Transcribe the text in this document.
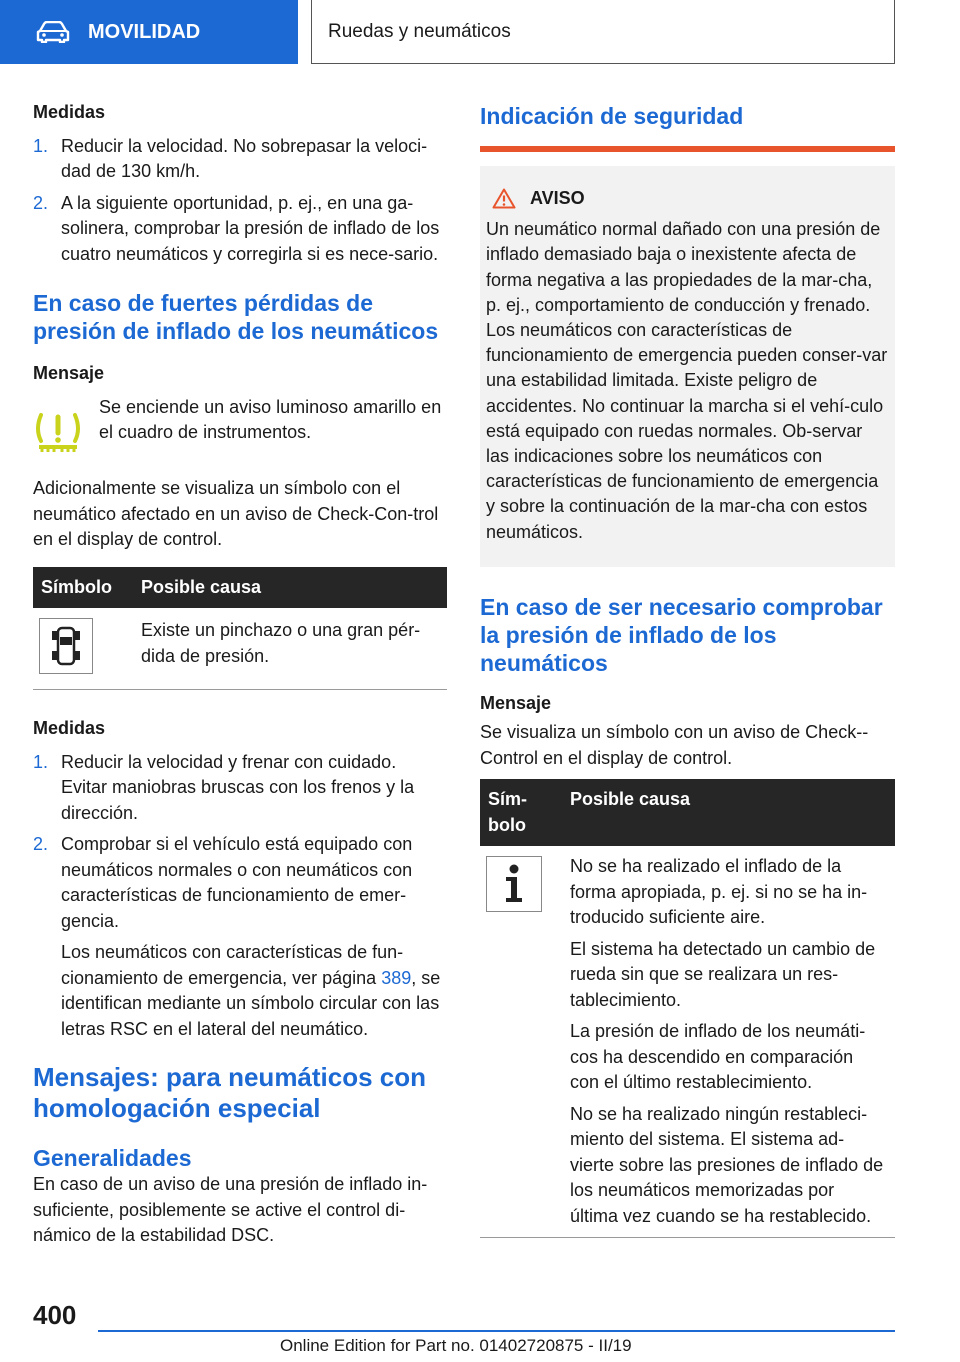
MOVILIDAD	Ruedas y neumáticos

Medidas

1. Reducir la velocidad. No sobrepasar la veloci‐dad de 130 km/h.
2. A la siguiente oportunidad, p. ej., en una ga‐solinera, comprobar la presión de inflado de los cuatro neumáticos y corregirla si es nece‐sario.
En caso de fuertes pérdidas de presión de inflado de los neumáticos

Mensaje

Se enciende un aviso luminoso amarillo en el cuadro de instrumentos.

Adicionalmente se visualiza un símbolo con el neumático afectado en un aviso de Check-Con‐trol en el display de control.

Símbolo	Posible causa

	Existe un pinchazo o una gran pér‐dida de presión.

Medidas

1. Reducir la velocidad y frenar con cuidado. Evitar maniobras bruscas con los frenos y la dirección.
2. Comprobar si el vehículo está equipado con neumáticos normales o con neumáticos con características de funcionamiento de emer‐gencia.
Los neumáticos con características de fun‐cionamiento de emergencia, ver página 389, se identifican mediante un símbolo circular con las letras RSC en el lateral del neumático.
Mensajes: para neumáticos con homologación especial
Generalidades

En caso de un aviso de una presión de inflado in‐suficiente, posiblemente se active el control di‐námico de la estabilidad DSC.

Indicación de seguridad
AVISO

Un neumático normal dañado con una presión de inflado demasiado baja o inexistente afecta de forma negativa a las propiedades de la mar‐cha, p. ej., comportamiento de conducción y frenado. Los neumáticos con características de funcionamiento de emergencia pueden conser‐var una estabilidad limitada. Existe peligro de accidentes. No continuar la marcha si el vehí‐culo está equipado con ruedas normales. Ob‐servar las indicaciones sobre los neumáticos con características de funcionamiento de emergencia y sobre la continuación de la mar‐cha con estos neumáticos.

En caso de ser necesario comprobar la presión de inflado de los neumáticos

Mensaje

Se visualiza un símbolo con un aviso de Check-‐Control en el display de control.

Sím‐bolo	Posible causa

No se ha realizado el inflado de la forma apropiada, p. ej. si no se ha in‐troducido suficiente aire.

El sistema ha detectado un cambio de rueda sin que se realizara un res‐tablecimiento.

La presión de inflado de los neumáti‐cos ha descendido en comparación con el último restablecimiento.

No se ha realizado ningún restableci‐miento del sistema. El sistema ad‐vierte sobre las presiones de inflado de los neumáticos memorizadas por última vez cuando se ha restablecido.

400
Online Edition for Part no. 01402720875 - II/19
